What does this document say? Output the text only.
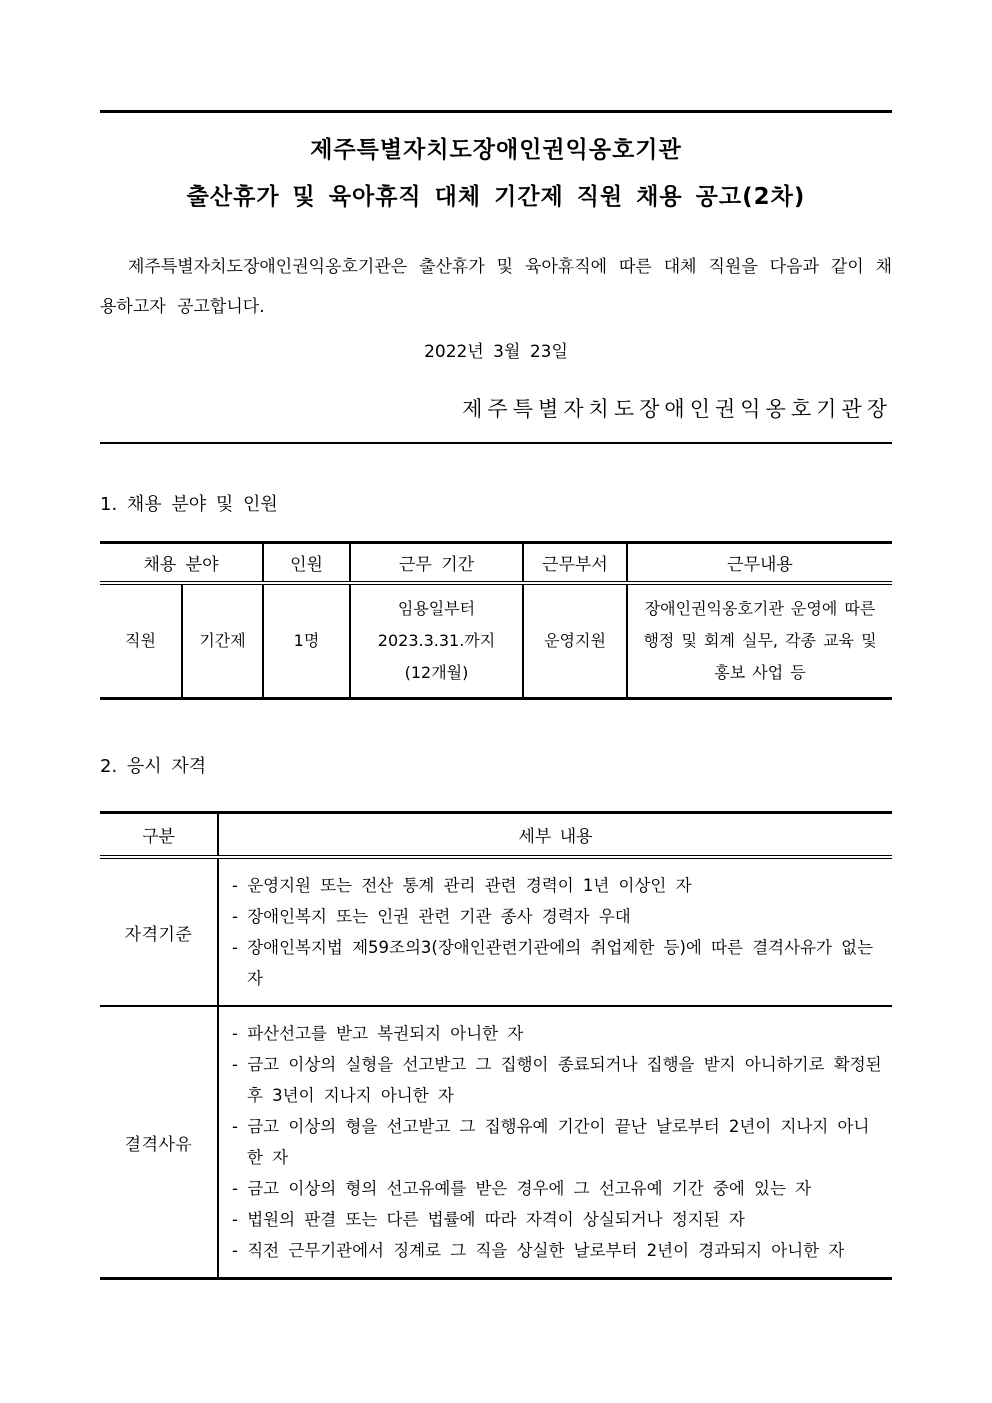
제주특별자치도장애인권익옹호기관
출산휴가 및 육아휴직 대체 기간제 직원 채용 공고(2차)

제주특별자치도장애인권익옹호기관은 출산휴가 및 육아휴직에 따른 대체 직원을 다음과 같이 채용하고자 공고합니다.

2022년 3월 23일
제주특별자치도장애인권익옹호기관장
1. 채용 분야 및 인원
채용 분야		인원	근무 기간	근무부서	근무내용
직원	기간제	1명	임용일부터
2023.3.31.까지
(12개월)	운영지원	장애인권익옹호기관 운영에 따른 행정 및 회계 실무, 각종 교육 및 홍보 사업 등
2. 응시 자격
구분	세부 내용
자격기준	- 운영지원 또는 전산 통계 관리 관련 경력이 1년 이상인 자
- 장애인복지 또는 인권 관련 기관 종사 경력자 우대
- 장애인복지법 제59조의3(장애인관련기관에의 취업제한 등)에 따른 결격사유가 없는 자

결격사유	
- 파산선고를 받고 복권되지 아니한 자
- 금고 이상의 실형을 선고받고 그 집행이 종료되거나 집행을 받지 아니하기로 확정된 후 3년이 지나지 아니한 자
- 금고 이상의 형을 선고받고 그 집행유예 기간이 끝난 날로부터 2년이 지나지 아니한 자
- 금고 이상의 형의 선고유예를 받은 경우에 그 선고유예 기간 중에 있는 자
- 법원의 판결 또는 다른 법률에 따라 자격이 상실되거나 정지된 자
- 직전 근무기관에서 징계로 그 직을 상실한 날로부터 2년이 경과되지 아니한 자
